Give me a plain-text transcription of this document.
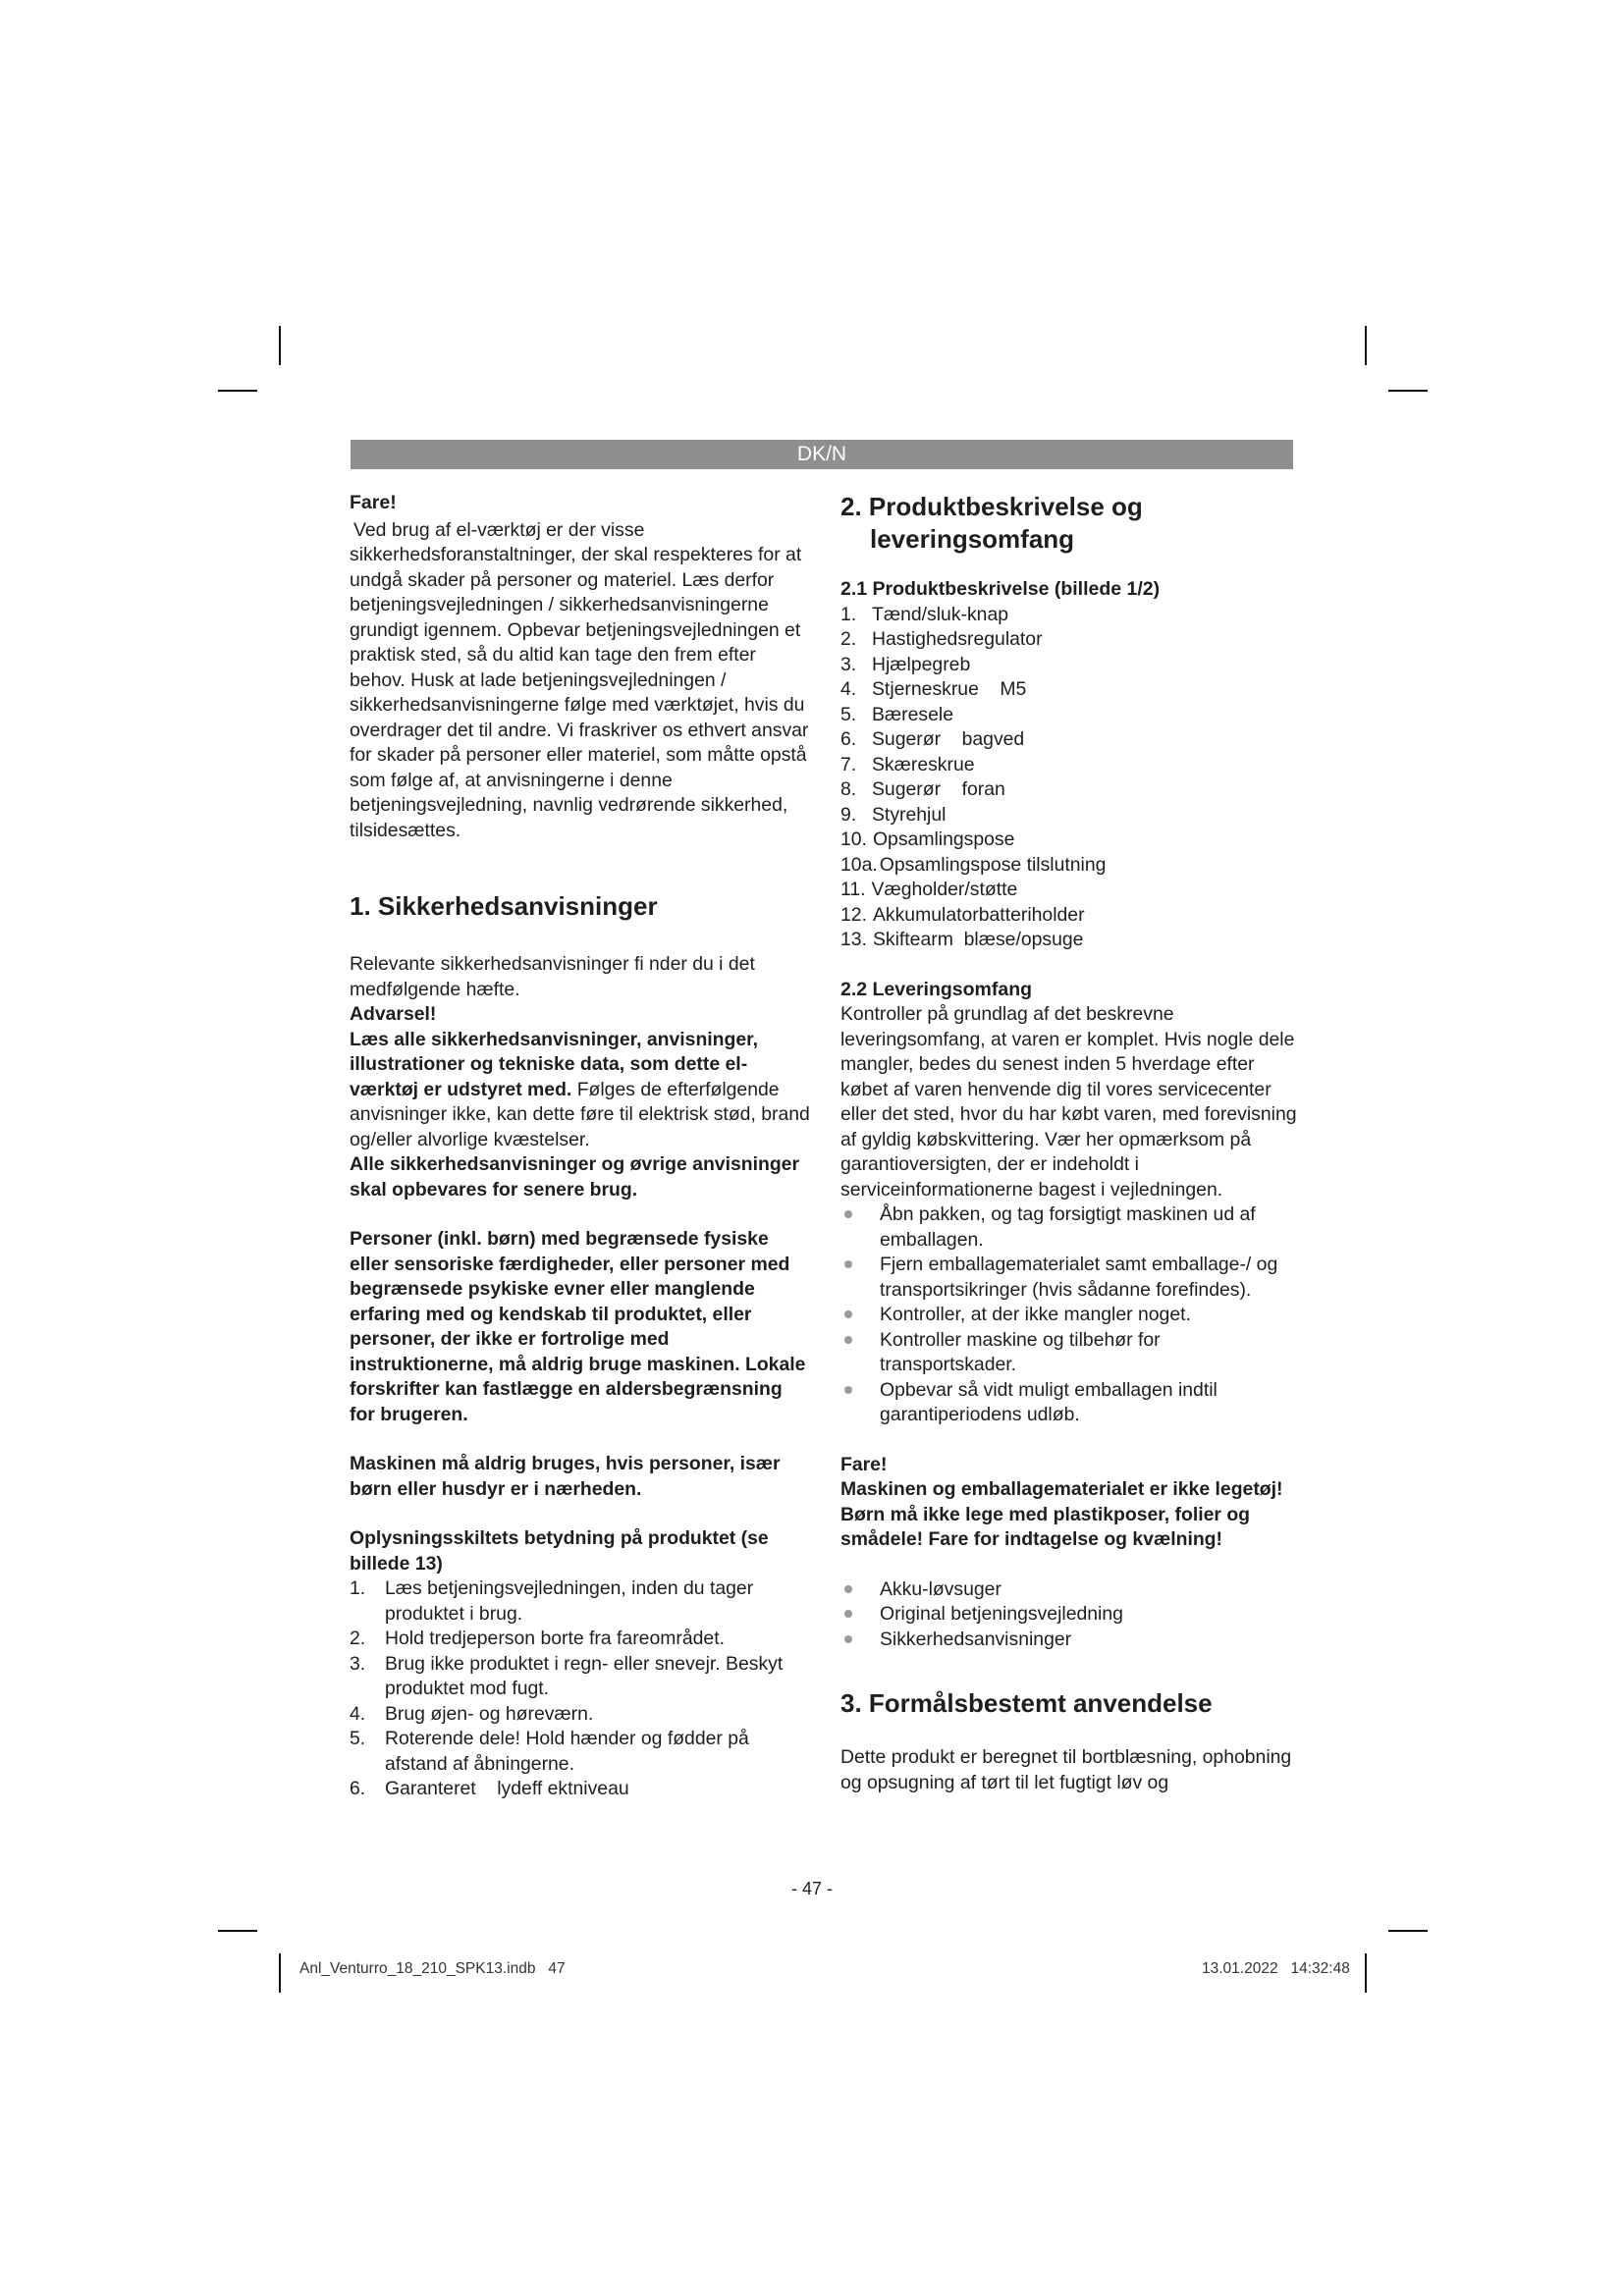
DK/N

Fare!

Ved brug af el-værktøj er der visse sikkerhedsforanstaltninger, der skal respekteres for at undgå skader på personer og materiel. Læs derfor betjeningsvejledningen / sikkerhedsanvisningerne grundigt igennem. Opbevar betjeningsvejledningen et praktisk sted, så du altid kan tage den frem efter behov. Husk at lade betjeningsvejledningen / sikkerhedsanvisningerne følge med værktøjet, hvis du overdrager det til andre. Vi fraskriver os ethvert ansvar for skader på personer eller materiel, som måtte opstå som følge af, at anvisningerne i denne betjeningsvejledning, navnlig vedrørende sikkerhed, tilsidesættes.

1. Sikkerhedsanvisninger

Relevante sikkerhedsanvisninger fi nder du i det medfølgende hæfte.

Advarsel!

Læs alle sikkerhedsanvisninger, anvisninger, illustrationer og tekniske data, som dette el-værktøj er udstyret med. Følges de efterfølgende anvisninger ikke, kan dette føre til elektrisk stød, brand og/eller alvorlige kvæstelser.

Alle sikkerhedsanvisninger og øvrige anvisninger skal opbevares for senere brug.

Personer (inkl. børn) med begrænsede fysiske eller sensoriske færdigheder, eller personer med begrænsede psykiske evner eller manglende erfaring med og kendskab til produktet, eller personer, der ikke er fortrolige med instruktionerne, må aldrig bruge maskinen. Lokale forskrifter kan fastlægge en aldersbegrænsning for brugeren.

Maskinen må aldrig bruges, hvis personer, især børn eller husdyr er i nærheden.

Oplysningsskiltets betydning på produktet (se billede 13)

1. Læs betjeningsvejledningen, inden du tager produktet i brug.
2. Hold tredjeperson borte fra fareområdet.
3. Brug ikke produktet i regn- eller snevejr. Beskyt produktet mod fugt.
4. Brug øjen- og høreværn.
5. Roterende dele! Hold hænder og fødder på afstand af åbningerne.
6. Garanteret    lydeff ektniveau

2. Produktbeskrivelse og

leveringsomfang

2.1 Produktbeskrivelse (billede 1/2)

1. Tænd/sluk-knap
2. Hastighedsregulator
3. Hjælpegreb
4. Stjerneskrue    M5
5. Bæresele
6. Sugerør    bagved
7. Skæreskrue
8. Sugerør    foran
9. Styrehjul
10. Opsamlingspose
10a. Opsamlingspose tilslutning
11. Vægholder/støtte
12. Akkumulatorbatteriholder
13. Skiftearm  blæse/opsuge

2.2 Leveringsomfang

Kontroller på grundlag af det beskrevne leveringsomfang, at varen er komplet. Hvis nogle dele mangler, bedes du senest inden 5 hverdage efter købet af varen henvende dig til vores servicecenter eller det sted, hvor du har købt varen, med forevisning af gyldig købskvittering. Vær her opmærksom på garantioversigten, der er indeholdt i serviceinformationerne bagest i vejledningen.

Åbn pakken, og tag forsigtigt maskinen ud af emballagen.
Fjern emballagematerialet samt emballage-/ og transportsikringer (hvis sådanne forefindes).
Kontroller, at der ikke mangler noget.
Kontroller maskine og tilbehør for transportskader.
Opbevar så vidt muligt emballagen indtil garantiperiodens udløb.

Fare!

Maskinen og emballagematerialet er ikke legetøj! Børn må ikke lege med plastikposer, folier og smådele! Fare for indtagelse og kvælning!

Akku-løvsuger
Original betjeningsvejledning
Sikkerhedsanvisninger

3. Formålsbestemt anvendelse

Dette produkt er beregnet til bortblæsning, ophobning og opsugning af tørt til let fugtigt løv og

- 47 -
Anl_Venturro_18_210_SPK13.indb   47	13.01.2022   14:32:48
